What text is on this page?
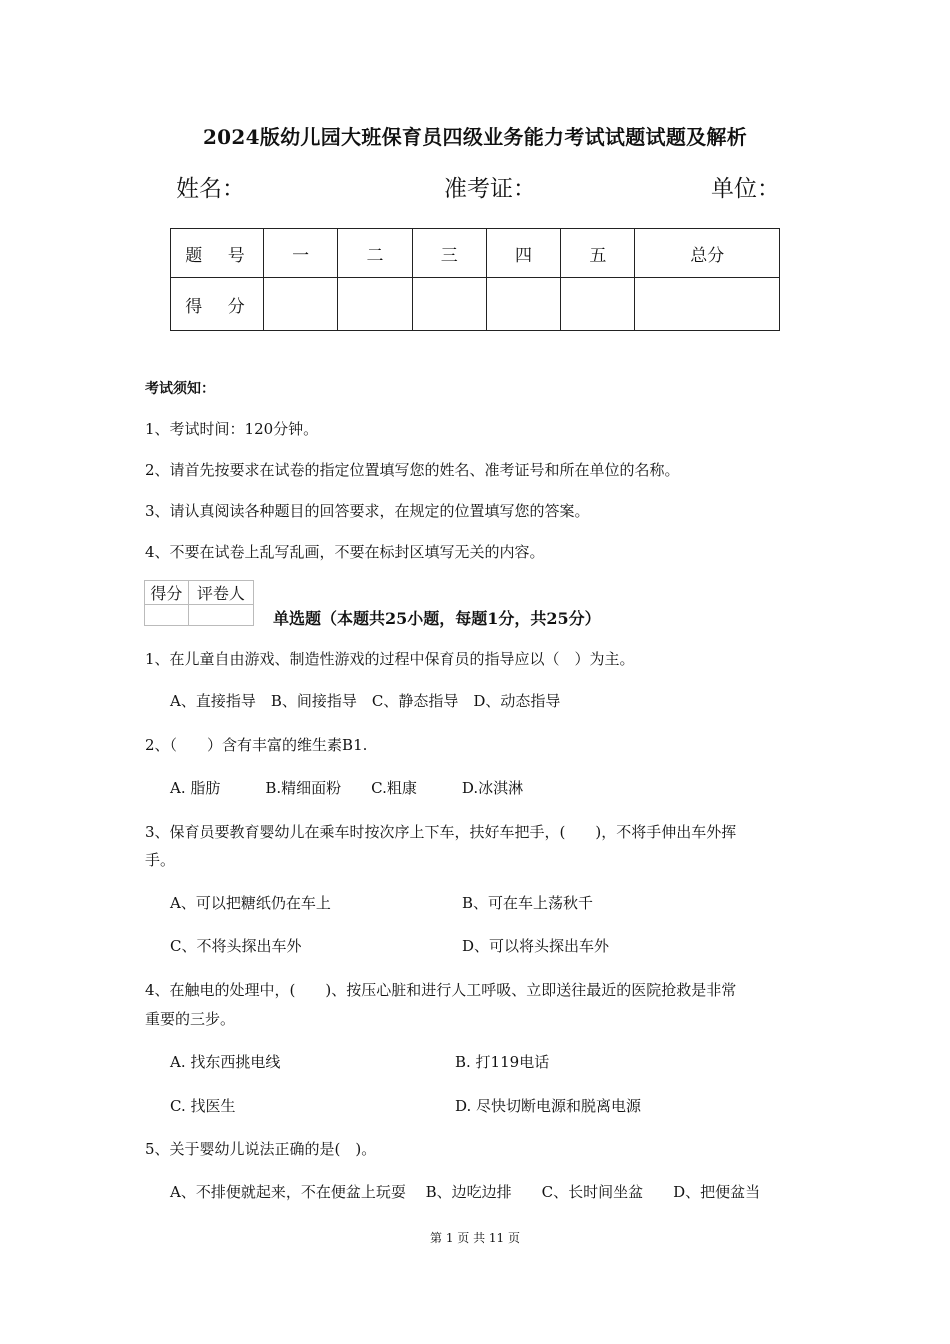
2024版幼儿园大班保育员四级业务能力考试试题试题及解析
姓名：	准考证：	单位：
题 号	一	二	三	四	五	总分
得 分						
考试须知：
1、考试时间：120分钟。
2、请首先按要求在试卷的指定位置填写您的姓名、准考证号和所在单位的名称。
3、请认真阅读各种题目的回答要求，在规定的位置填写您的答案。
4、不要在试卷上乱写乱画，不要在标封区填写无关的内容。
得分	评卷人

单选题（本题共25小题，每题1分，共25分）
1、在儿童自由游戏、制造性游戏的过程中保育员的指导应以（　）为主。
A、直接指导　B、间接指导　C、静态指导　D、动态指导
2、（　　）含有丰富的维生素B1.
A. 脂肪　　　B.精细面粉　　C.粗康　　　D.冰淇淋
3、保育员要教育婴幼儿在乘车时按次序上下车，扶好车把手，(　　)，不将手伸出车外挥
手。
A、可以把糖纸仍在车上	B、可在车上荡秋千
C、不将头探出车外	D、可以将头探出车外
4、在触电的处理中，(　　)、按压心脏和进行人工呼吸、立即送往最近的医院抢救是非常
重要的三步。
A. 找东西挑电线	B. 打119电话
C. 找医生	D. 尽快切断电源和脱离电源
5、关于婴幼儿说法正确的是(　)。
A、不排便就起来，不在便盆上玩耍　 B、边吃边排　　C、长时间坐盆　　D、把便盆当
第 1 页 共 11 页
